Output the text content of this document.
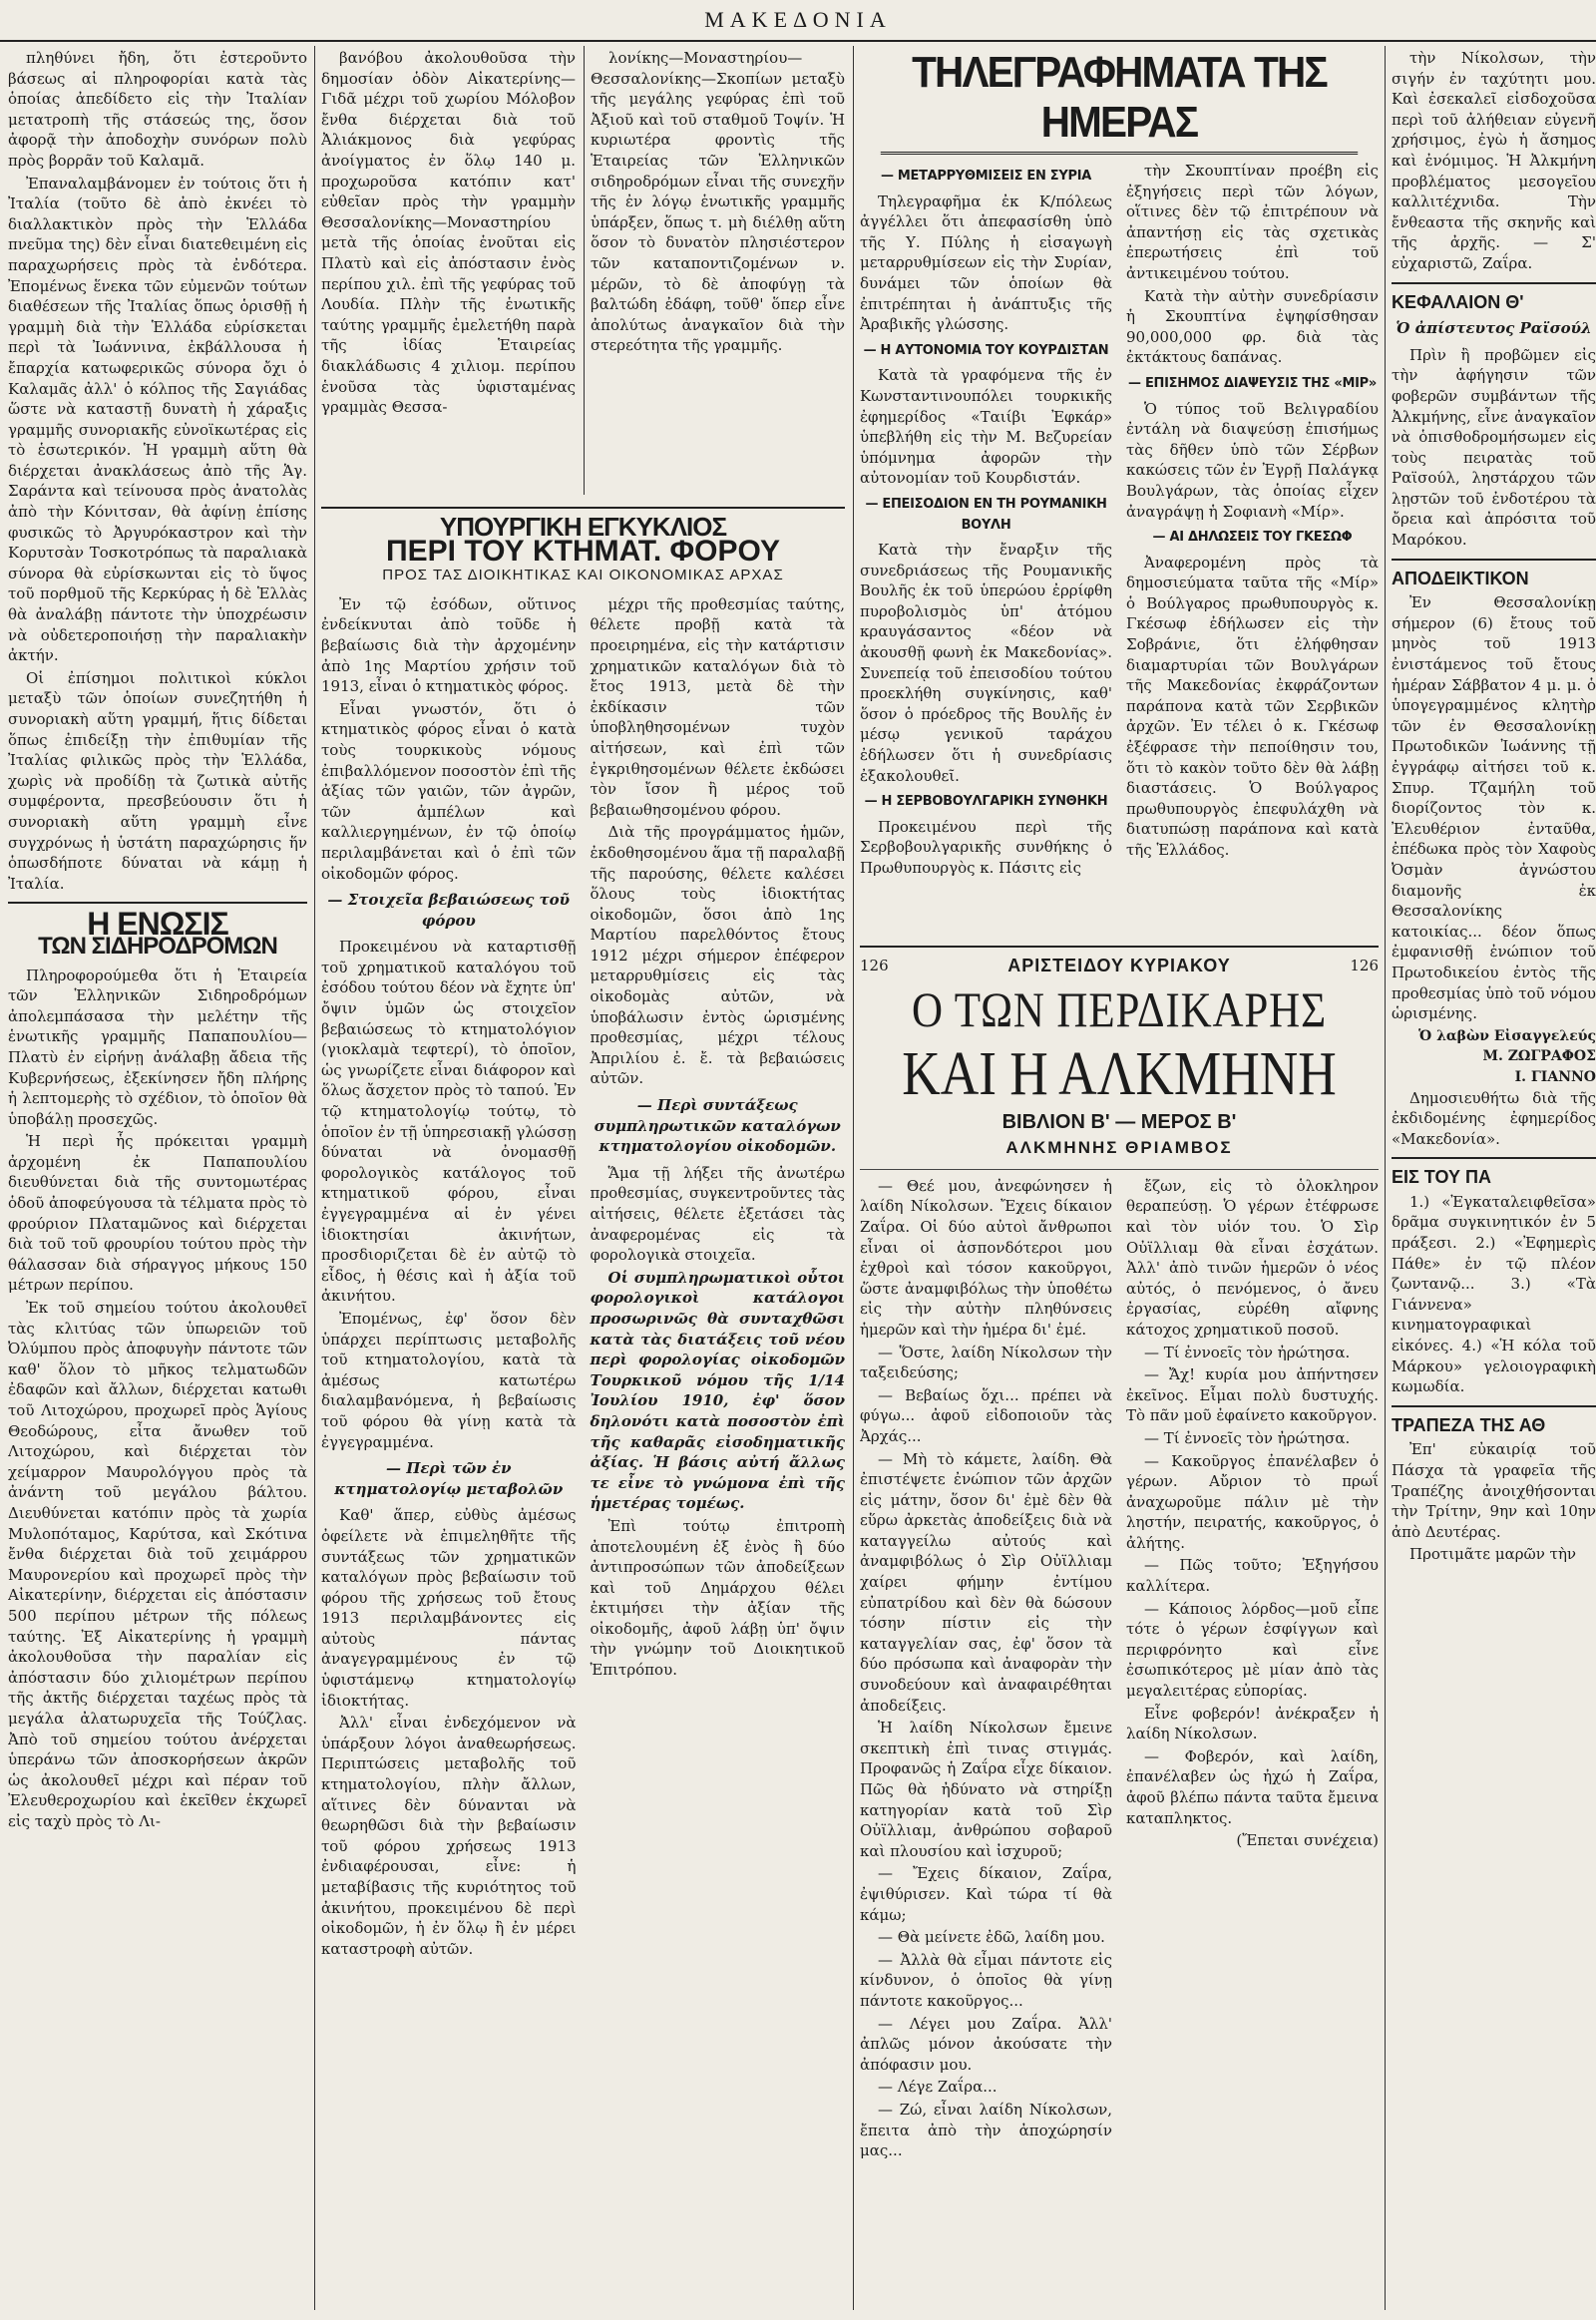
ΜΑΚΕΔΟΝΙΑ

πληθύνει ἤδη, ὅτι ἐστεροῦντο βάσεως αἱ πληροφορίαι κατὰ τὰς ὁποίας ἀπεδίδετο εἰς τὴν Ἰταλίαν μετατροπὴ τῆς στάσεώς της, ὅσον ἀφορᾷ τὴν ἀποδοχὴν συνόρων πολὺ πρὸς βορρᾶν τοῦ Καλαμᾶ.

Ἐπαναλαμβάνομεν ἐν τούτοις ὅτι ἡ Ἰταλία (τοῦτο δὲ ἀπὸ ἐκνέει τὸ διαλλακτικὸν πρὸς τὴν Ἑλλάδα πνεῦμα της) δὲν εἶναι διατεθειμένη εἰς παραχωρήσεις πρὸς τὰ ἐνδότερα. Ἐπομένως ἕνεκα τῶν εὐμενῶν τούτων διαθέσεων τῆς Ἰταλίας ὅπως ὁρισθῇ ἡ γραμμὴ διὰ τὴν Ἑλλάδα εὑρίσκεται περὶ τὰ Ἰωάννινα, ἐκβάλλουσα ἡ ἔπαρχία κατωφερικῶς σύνορα ὄχι ὁ Καλαμᾶς ἀλλ' ὁ κόλπος τῆς Σαγιάδας ὥστε νὰ καταστῇ δυνατὴ ἡ χάραξις γραμμῆς συνοριακῆς εὐνοϊκωτέρας εἰς τὸ ἑσωτερικόν. Ἡ γραμμὴ αὕτη θὰ διέρχεται ἀνακλάσεως ἀπὸ τῆς Ἁγ. Σαράντα καὶ τείνουσα πρὸς ἀνατολὰς ἀπὸ τὴν Κόνιτσαν, θὰ ἀφίνῃ ἐπίσης φυσικῶς τὸ Ἀργυρόκαστρον καὶ τὴν Κορυτσὰν Τοσκοτρόπως τὰ παραλιακὰ σύνορα θὰ εὑρίσκωνται εἰς τὸ ὕψος τοῦ πορθμοῦ τῆς Κερκύρας ἡ δὲ Ἑλλὰς θὰ ἀναλάβῃ πάντοτε τὴν ὑποχρέωσιν νὰ οὐδετεροποιήσῃ τὴν παραλιακὴν ἀκτήν.

Οἱ ἐπίσημοι πολιτικοὶ κύκλοι μεταξὺ τῶν ὁποίων συνεζητήθη ἡ συνοριακὴ αὕτη γραμμή, ἥτις δίδεται ὅπως ἐπιδείξῃ τὴν ἐπιθυμίαν τῆς Ἰταλίας φιλικῶς πρὸς τὴν Ἑλλάδα, χωρὶς νὰ προδίδῃ τὰ ζωτικὰ αὐτῆς συμφέροντα, πρεσβεύουσιν ὅτι ἡ συνοριακὴ αὕτη γραμμὴ εἶνε συγχρόνως ἡ ὑστάτη παραχώρησις ἥν ὁπωσδήποτε δύναται νὰ κάμῃ ἡ Ἰταλία.

Η ΕΝΩΣΙΣ
ΤΩΝ ΣΙΔΗΡΟΔΡΟΜΩΝ

Πληροφορούμεθα ὅτι ἡ Ἑταιρεία τῶν Ἑλληνικῶν Σιδηροδρόμων ἀπολεμπάσασα τὴν μελέτην τῆς ἑνωτικῆς γραμμῆς Παπαπουλίου—Πλατὺ ἐν εἰρήνῃ ἀνάλαβῃ ἄδεια τῆς Κυβερνήσεως, ἐξεκίνησεν ἤδη πλήρης ἡ λεπτομερὴς τὸ σχέδιον, τὸ ὁποῖον θὰ ὑποβάλῃ προσεχῶς.

Ἡ περὶ ἧς πρόκειται γραμμὴ ἀρχομένη ἐκ Παπαπουλίου διευθύνεται διὰ τῆς συντομωτέρας ὁδοῦ ἀποφεύγουσα τὰ τέλματα πρὸς τὸ φρούριον Πλαταμῶνος καὶ διέρχεται διὰ τοῦ τοῦ φρουρίου τούτου πρὸς τὴν θάλασσαν διὰ σήραγγος μήκους 150 μέτρων περίπου.

Ἐκ τοῦ σημείου τούτου ἀκολουθεῖ τὰς κλιτύας τῶν ὑπωρειῶν τοῦ Ὀλύμπου πρὸς ἀποφυγὴν πάντοτε τῶν καθ' ὅλον τὸ μῆκος τελματωδῶν ἐδαφῶν καὶ ἄλλων, διέρχεται κατωθι τοῦ Λιτοχώρου, προχωρεῖ πρὸς Ἁγίους Θεοδώρους, εἶτα ἄνωθεν τοῦ Λιτοχώρου, καὶ διέρχεται τὸν χείμαρρον Μαυρολόγγου πρὸς τὰ ἀνάντη τοῦ μεγάλου βάλτου. Διευθύνεται κατόπιν πρὸς τὰ χωρία Μυλοπόταμος, Καρύτσα, καὶ Σκότινα ἔνθα διέρχεται διὰ τοῦ χειμάρρου Μαυρονερίου καὶ προχωρεῖ πρὸς τὴν Αἰκατερίνην, διέρχεται εἰς ἀπόστασιν 500 περίπου μέτρων τῆς πόλεως ταύτης. Ἐξ Αἰκατερίνης ἡ γραμμὴ ἀκολουθοῦσα τὴν παραλίαν εἰς ἀπόστασιν δύο χιλιομέτρων περίπου τῆς ἀκτῆς διέρχεται ταχέως πρὸς τὰ μεγάλα ἀλατωρυχεῖα τῆς Τούζλας. Ἀπὸ τοῦ σημείου τούτου ἀνέρχεται ὑπεράνω τῶν ἀποσκορήσεων ἀκρῶν ὡς ἀκολουθεῖ μέχρι καὶ πέραν τοῦ Ἐλευθεροχωρίου καὶ ἐκεῖθεν ἐκχωρεῖ εἰς ταχὺ πρὸς τὸ Λι-

βανόβου ἀκολουθοῦσα τὴν δημοσίαν ὁδὸν Αἰκατερίνης—Γιδᾶ μέχρι τοῦ χωρίου Μόλοβον ἔνθα διέρχεται διὰ τοῦ Ἀλιάκμονος διὰ γεφύρας ἀνοίγματος ἐν ὅλῳ 140 μ. προχωροῦσα κατόπιν κατ' εὐθεῖαν πρὸς τὴν γραμμὴν Θεσσαλονίκης—Μοναστηρίου μετὰ τῆς ὁποίας ἑνοῦται εἰς Πλατὺ καὶ εἰς ἀπόστασιν ἐνὸς περίπου χιλ. ἐπὶ τῆς γεφύρας τοῦ Λουδία. Πλὴν τῆς ἑνωτικῆς ταύτης γραμμῆς ἐμελετήθη παρὰ τῆς ἰδίας Ἑταιρείας διακλάδωσις 4 χιλιομ. περίπου ἑνοῦσα τὰς ὑφισταμένας γραμμὰς Θεσσα-

λονίκης—Μοναστηρίου—Θεσσαλονίκης—Σκοπίων μεταξὺ τῆς μεγάλης γεφύρας ἐπὶ τοῦ Ἀξιοῦ καὶ τοῦ σταθμοῦ Τοψίν. Ἡ κυριωτέρα φροντὶς τῆς Ἑταιρείας τῶν Ἑλληνικῶν σιδηροδρόμων εἶναι τῆς συνεχῆν τῆς ἐν λόγῳ ἑνωτικῆς γραμμῆς ὑπάρξεν, ὅπως τ. μὴ διέλθῃ αὕτη ὅσον τὸ δυνατὸν πλησιέστερον τῶν καταποντιζομένων ν. μέρῶν, τὸ δὲ ἀποφύγῃ τὰ βαλτώδη ἐδάφη, τοῦθ' ὅπερ εἶνε ἀπολύτως ἀναγκαῖον διὰ τὴν στερεότητα τῆς γραμμῆς.

ΥΠΟΥΡΓΙΚΗ ΕΓΚΥΚΛΙΟΣ
ΠΕΡΙ ΤΟΥ ΚΤΗΜΑΤ. ΦΟΡΟΥ
ΠΡΟΣ ΤΑΣ ΔΙΟΙΚΗΤΙΚΑΣ ΚΑΙ ΟΙΚΟΝΟΜΙΚΑΣ ΑΡΧΑΣ

Ἐν τῷ ἐσόδων, οὕτινος ἐνδείκνυται ἀπὸ τοῦδε ἡ βεβαίωσις διὰ τὴν ἀρχομένην ἀπὸ 1ης Μαρτίου χρήσιν τοῦ 1913, εἶναι ὁ κτηματικὸς φόρος.

Εἶναι γνωστόν, ὅτι ὁ κτηματικὸς φόρος εἶναι ὁ κατὰ τοὺς τουρκικοὺς νόμους ἐπιβαλλόμενον ποσοστὸν ἐπὶ τῆς ἀξίας τῶν γαιῶν, τῶν ἀγρῶν, τῶν ἀμπέλων καὶ καλλιεργημένων, ἐν τῷ ὁποίῳ περιλαμβάνεται καὶ ὁ ἐπὶ τῶν οἰκοδομῶν φόρος.

— Στοιχεῖα βεβαιώσεως τοῦ φόρου

Προκειμένου νὰ καταρτισθῇ τοῦ χρηματικοῦ καταλόγου τοῦ ἐσόδου τούτου δέον νὰ ἔχητε ὑπ' ὄψιν ὑμῶν ὡς στοιχεῖον βεβαιώσεως τὸ κτηματολόγιον (γιοκλαμὰ τεφτερί), τὸ ὁποῖον, ὡς γνωρίζετε εἶναι διάφορον καὶ ὅλως ἄσχετον πρὸς τὸ ταπού. Ἐν τῷ κτηματολογίῳ τούτῳ, τὸ ὁποῖον ἐν τῇ ὑπηρεσιακῇ γλώσσῃ δύναται νὰ ὀνομασθῇ φορολογικὸς κατάλογος τοῦ κτηματικοῦ φόρου, εἶναι ἐγγεγραμμένα αἱ ἐν γένει ἰδιοκτησίαι ἀκινήτων, προσδιοριζεται δὲ ἐν αὐτῷ τὸ εἶδος, ἡ θέσις καὶ ἡ ἀξία τοῦ ἀκινήτου.

Ἐπομένως, ἐφ' ὅσον δὲν ὑπάρχει περίπτωσις μεταβολῆς τοῦ κτηματολογίου, κατὰ τὰ ἀμέσως κατωτέρω διαλαμβανόμενα, ἡ βεβαίωσις τοῦ φόρου θὰ γίνῃ κατὰ τὰ ἐγγεγραμμένα.

— Περὶ τῶν ἐν κτηματολογίῳ μεταβολῶν

Καθ' ἅπερ, εὐθὺς ἀμέσως ὀφείλετε νὰ ἐπιμεληθῆτε τῆς συντάξεως τῶν χρηματικῶν καταλόγων πρὸς βεβαίωσιν τοῦ φόρου τῆς χρήσεως τοῦ ἔτους 1913 περιλαμβάνοντες εἰς αὐτοὺς πάντας ἀναγεγραμμένους ἐν τῷ ὑφιστάμενῳ κτηματολογίῳ ἰδιοκτήτας.

Ἀλλ' εἶναι ἐνδεχόμενον νὰ ὑπάρξουν λόγοι ἀναθεωρήσεως. Περιπτώσεις μεταβολῆς τοῦ κτηματολογίου, πλὴν ἄλλων, αἵτινες δὲν δύνανται νὰ θεωρηθῶσι διὰ τὴν βεβαίωσιν τοῦ φόρου χρήσεως 1913 ἐνδιαφέρουσαι, εἶνε: ἡ μεταβίβασις τῆς κυριότητος τοῦ ἀκινήτου, προκειμένου δὲ περὶ οἰκοδομῶν, ἡ ἐν ὅλῳ ἢ ἐν μέρει καταστροφὴ αὐτῶν.

μέχρι τῆς προθεσμίας ταύτης, θέλετε προβῇ κατὰ τὰ προειρημένα, εἰς τὴν κατάρτισιν χρηματικῶν καταλόγων διὰ τὸ ἔτος 1913, μετὰ δὲ τὴν ἐκδίκασιν τῶν ὑποβληθησομένων τυχὸν αἰτήσεων, καὶ ἐπὶ τῶν ἐγκριθησομένων θέλετε ἐκδώσει τὸν ἴσον ἢ μέρος τοῦ βεβαιωθησομένου φόρου.

Διὰ τῆς προγράμματος ἡμῶν, ἐκδοθησομένου ἅμα τῇ παραλαβῇ τῆς παρούσης, θέλετε καλέσει ὅλους τοὺς ἰδιοκτήτας οἰκοδομῶν, ὅσοι ἀπὸ 1ης Μαρτίου παρελθόντος ἔτους 1912 μέχρι σήμερον ἐπέφερον μεταρρυθμίσεις εἰς τὰς οἰκοδομὰς αὐτῶν, νὰ ὑποβάλωσιν ἐντὸς ὡρισμένης προθεσμίας, μέχρι τέλους Ἀπριλίου ἐ. ἔ. τὰ βεβαιώσεις αὐτῶν.

— Περὶ συντάξεως συμπληρωτικῶν καταλόγων κτηματολογίου οἰκοδομῶν.

Ἅμα τῇ λήξει τῆς ἀνωτέρω προθεσμίας, συγκεντροῦντες τὰς αἰτήσεις, θέλετε ἐξετάσει τὰς ἀναφερομένας εἰς τὰ φορολογικὰ στοιχεῖα.

Οἱ συμπληρωματικοὶ οὗτοι φορολογικοὶ κατάλογοι προσωρινῶς θὰ συνταχθῶσι κατὰ τὰς διατάξεις τοῦ νέου περὶ φορολογίας οἰκοδομῶν Τουρκικοῦ νόμου τῆς 1/14 Ἰουλίου 1910, ἐφ' ὅσον δηλονότι κατὰ ποσοστὸν ἐπὶ τῆς καθαρᾶς εἰσοδηματικῆς ἀξίας. Ἡ βάσις αὐτή ἄλλως τε εἶνε τὸ γνώμονα ἐπὶ τῆς ἡμετέρας τομέως.

Ἐπὶ τούτῳ ἐπιτροπὴ ἀποτελουμένη ἐξ ἑνὸς ἢ δύο ἀντιπροσώπων τῶν ἀποδείξεων καὶ τοῦ Δημάρχου θέλει ἐκτιμήσει τὴν ἀξίαν τῆς οἰκοδομῆς, ἀφοῦ λάβῃ ὑπ' ὄψιν τὴν γνώμην τοῦ Διοικητικοῦ Ἐπιτρόπου.

ΤΗΛΕΓΡΑΦΗΜΑΤΑ ΤΗΣ ΗΜΕΡΑΣ
— ΜΕΤΑΡΡΥΘΜΙΣΕΙΣ ΕΝ ΣΥΡΙΑ

Τηλεγραφῆμα ἐκ Κ/πόλεως ἀγγέλλει ὅτι ἀπεφασίσθη ὑπὸ τῆς Υ. Πύλης ἡ εἰσαγωγὴ μεταρρυθμίσεων εἰς τὴν Συρίαν, δυνάμει τῶν ὁποίων θὰ ἐπιτρέπηται ἡ ἀνάπτυξις τῆς Ἀραβικῆς γλώσσης.

— Η ΑΥΤΟΝΟΜΙΑ ΤΟΥ ΚΟΥΡΔΙΣΤΑΝ

Κατὰ τὰ γραφόμενα τῆς ἐν Κωνσταντινουπόλει τουρκικῆς ἐφημερίδος «Ταιίβι Ἐφκάρ» ὑπεβλήθη εἰς τὴν Μ. Βεζυρείαν ὑπόμνημα ἀφορῶν τὴν αὐτονομίαν τοῦ Κουρδιστάν.

— ΕΠΕΙΣΟΔΙΟΝ ΕΝ ΤΗ ΡΟΥΜΑΝΙΚΗ ΒΟΥΛΗ

Κατὰ τὴν ἔναρξιν τῆς συνεδριάσεως τῆς Ρουμανικῆς Βουλῆς ἐκ τοῦ ὑπερώου ἐρρίφθη πυροβολισμὸς ὑπ' ἀτόμου κραυγάσαντος «δέον νὰ ἀκουσθῇ φωνὴ ἐκ Μακεδονίας». Συνεπείᾳ τοῦ ἐπεισοδίου τούτου προεκλήθη συγκίνησις, καθ' ὅσον ὁ πρόεδρος τῆς Βουλῆς ἐν μέσῳ γενικοῦ ταράχου ἐδήλωσεν ὅτι ἡ συνεδρίασις ἐξακολουθεῖ.

— Η ΣΕΡΒΟΒΟΥΛΓΑΡΙΚΗ ΣΥΝΘΗΚΗ

Προκειμένου περὶ τῆς Σερβοβουλγαρικῆς συνθήκης ὁ Πρωθυπουργὸς κ. Πάσιτς εἰς

τὴν Σκουπτίναν προέβη εἰς ἐξηγήσεις περὶ τῶν λόγων, οἵτινες δὲν τῷ ἐπιτρέπουν νὰ ἀπαντήσῃ εἰς τὰς σχετικὰς ἐπερωτήσεις ἐπὶ τοῦ ἀντικειμένου τούτου.

Κατὰ τὴν αὐτὴν συνεδρίασιν ἡ Σκουπτίνα ἐψηφίσθησαν 90,000,000 φρ. διὰ τὰς ἐκτάκτους δαπάνας.

— ΕΠΙΣΗΜΟΣ ΔΙΑΨΕΥΣΙΣ ΤΗΣ «ΜΙΡ»

Ὁ τύπος τοῦ Βελιγραδίου ἐντάλη νὰ διαψεύσῃ ἐπισήμως τὰς δῆθεν ὑπὸ τῶν Σέρβων κακώσεις τῶν ἐν Ἐγρῇ Παλάγκᾳ Βουλγάρων, τὰς ὁποίας εἶχεν ἀναγράψῃ ἡ Σοφιανὴ «Μίρ».

— ΑΙ ΔΗΛΩΣΕΙΣ ΤΟΥ ΓΚΕΣΩΦ

Ἀναφερομένη πρὸς τὰ δημοσιεύματα ταῦτα τῆς «Μίρ» ὁ Βούλγαρος πρωθυπουργὸς κ. Γκέσωφ ἐδήλωσεν εἰς τὴν Σοβράνιε, ὅτι ἐλήφθησαν διαμαρτυρίαι τῶν Βουλγάρων τῆς Μακεδονίας ἐκφράζοντων παράπονα κατὰ τῶν Σερβικῶν ἀρχῶν. Ἐν τέλει ὁ κ. Γκέσωφ ἐξέφρασε τὴν πεποίθησιν του, ὅτι τὸ κακὸν τοῦτο δὲν θὰ λάβῃ διαστάσεις. Ὁ Βούλγαρος πρωθυπουργὸς ἐπεφυλάχθη νὰ διατυπώσῃ παράπονα καὶ κατὰ τῆς Ἑλλάδος.

126	ΑΡΙΣΤΕΙΔΟΥ ΚΥΡΙΑΚΟΥ	126
Ο ΤΩΝ ΠΕΡΔΙΚΑΡΗΣ
ΚΑΙ Η ΑΛΚΜΗΝΗ
ΒΙΒΛΙΟΝ Β' — ΜΕΡΟΣ Β'
ΑΛΚΜΗΝΗΣ ΘΡΙΑΜΒΟΣ

— Θεέ μου, ἀνεφώνησεν ἡ λαίδη Νίκολσων. Ἔχεις δίκαιον Ζαΐρα. Οἱ δύο αὐτοὶ ἄνθρωποι εἶναι οἱ ἀσπονδότεροι μου ἐχθροὶ καὶ τόσον κακοῦργοι, ὥστε ἀναμφιβόλως τὴν ὑποθέτω εἰς τὴν αὐτὴν πληθύνσεις ἡμερῶν καὶ τὴν ἡμέρα δι' ἐμέ.

— Ὅστε, λαίδη Νίκολσων τὴν ταξειδεύσης;

— Βεβαίως ὅχι... πρέπει νὰ φύγω... ἀφοῦ εἰδοποιοῦν τὰς Ἀρχάς...

— Μὴ τὸ κάμετε, λαίδη. Θὰ ἐπιστέψετε ἐνώπιον τῶν ἀρχῶν εἰς μάτην, ὅσον δι' ἐμὲ δὲν θὰ εὕρω ἀρκετὰς ἀποδείξεις διὰ νὰ καταγγείλω αὐτούς καὶ ἀναμφιβόλως ὁ Σὶρ Οὐϊλλιαμ χαίρει φήμην ἐντίμου εὐπατρίδου καὶ δὲν θὰ δώσουν τόσην πίστιν εἰς τὴν καταγγελίαν σας, ἐφ' ὅσον τὰ δύο πρόσωπα καὶ ἀναφορὰν τὴν συνοδεύουν καὶ ἀναφαιρέθηται ἀποδείξεις.

Ἡ λαίδη Νίκολσων ἔμεινε σκεπτικὴ ἐπὶ τινας στιγμάς. Προφανῶς ἡ Ζαΐρα εἶχε δίκαιον. Πῶς θὰ ἠδύνατο νὰ στηρίξῃ κατηγορίαν κατὰ τοῦ Σὶρ Οὐϊλλιαμ, ἀνθρώπου σοβαροῦ καὶ πλουσίου καὶ ἰσχυροῦ;

— Ἔχεις δίκαιον, Ζαΐρα, ἐψιθύρισεν. Καὶ τώρα τί θὰ κάμω;

— Θὰ μείνετε ἐδῶ, λαίδη μου.

— Ἀλλὰ θὰ εἶμαι πάντοτε εἰς κίνδυνον, ὁ ὁποῖος θὰ γίνῃ πάντοτε κακοῦργος...

— Λέγει μου Ζαΐρα. Ἀλλ' ἀπλῶς μόνον ἀκούσατε τὴν ἀπόφασιν μου.

— Λέγε Ζαΐρα...

— Ζώ, εἶναι λαίδη Νίκολσων, ἔπειτα ἀπὸ τὴν ἀποχώρησίν μας...

ἔζων, εἰς τὸ ὁλοκληρον θεραπεύσῃ. Ὁ γέρων ἐτέφρωσε καὶ τὸν υἱόν του. Ὁ Σὶρ Οὐϊλλιαμ θὰ εἶναι ἐσχάτων. Ἀλλ' ἀπὸ τινῶν ἡμερῶν ὁ νέος αὐτός, ὁ πενόμενος, ὁ ἄνευ ἐργασίας, εὑρέθη αἴφνης κάτοχος χρηματικοῦ ποσοῦ.

— Τί ἐννοεῖς τὸν ἠρώτησα.

— Ἄχ! κυρία μου ἀπήντησεν ἐκεῖνος. Εἶμαι πολὺ δυστυχής. Τὸ πᾶν μοῦ ἐφαίνετο κακοῦργον.

— Τί ἐννοεῖς τὸν ἠρώτησα.

— Κακοῦργος ἐπανέλαβεν ὁ γέρων. Αὔριον τὸ πρωΐ ἀναχωροῦμε πάλιν μὲ τὴν ληστήν, πειρατής, κακοῦργος, ὁ ἀλήτης.

— Πῶς τοῦτο; Ἐξηγήσου καλλίτερα.

— Κάποιος λόρδος—μοῦ εἶπε τότε ὁ γέρων ἐσφίγγων καὶ περιφρόνητο καὶ εἶνε ἐσωπικότερος μὲ μίαν ἀπὸ τὰς μεγαλειτέρας εὐπορίας.

Εἶνε φοβερόν! ἀνέκραξεν ἡ λαίδη Νίκολσων.

— Φοβερόν, καὶ λαίδη, ἐπανέλαβεν ὡς ἠχώ ἡ Ζαΐρα, ἀφοῦ βλέπω πάντα ταῦτα ἔμεινα καταπληκτος.

(Ἔπεται συνέχεια)

τὴν Νίκολσων, τὴν σιγήν ἐν ταχύτητι μου. Καὶ ἐσεκαλεῖ εἰσδοχοῦσα περὶ τοῦ ἀλήθειαν εὐγενῆ χρήσιμος, ἐγὼ ἡ ἄσημος καὶ ἐνόμιμος. Ἡ Ἀλκμήνη προβλέματος μεσογεῖου καλλιτέχνιδα. Τὴν ἔνθεαστα τῆς σκηνῆς καὶ τῆς ἀρχῆς. — Σ' εὐχαριστῶ, Ζαΐρα.

ΚΕΦΑΛΑΙΟΝ Θ'
Ὁ ἀπίστευτος Ραϊσούλ

Πρὶν ἢ προβῶμεν εἰς τὴν ἀφήγησιν τῶν φοβερῶν συμβάντων τῆς Ἀλκμήνης, εἶνε ἀναγκαῖον νὰ ὁπισθοδρομήσωμεν εἰς τοὺς πειρατὰς τοῦ Ραϊσούλ, ληστάρχου τῶν λῃστῶν τοῦ ἐνδοτέρου τὰ ὄρεια καὶ ἀπρόσιτα τοῦ Μαρόκου.

ΑΠΟΔΕΙΚΤΙΚΟΝ

Ἐν Θεσσαλονίκῃ σήμερον (6) ἔτους τοῦ μηνὸς τοῦ 1913 ἐνιστάμενος τοῦ ἔτους ἡμέραν Σάββατον 4 μ. μ. ὁ ὑπογεγραμμένος κλητὴρ τῶν ἐν Θεσσαλονίκῃ Πρωτοδικῶν Ἰωάννης τῇ ἐγγράφῳ αἰτήσει τοῦ κ. Σπυρ. Τζαμήλη τοῦ διορίζοντος τὸν κ. Ἐλευθέριον ἐνταῦθα, ἐπέδωκα πρὸς τὸν Χαφοὺς Ὀσμὰν ἀγνώστου διαμονῆς ἐκ Θεσσαλονίκης κατοικίας... δέον ὅπως ἐμφανισθῇ ἐνώπιον τοῦ Πρωτοδικείου ἐντὸς τῆς προθεσμίας ὑπὸ τοῦ νόμου ὡρισμένης.

Ὁ λαβὼν Εἰσαγγελεύς
Μ. ΖΩΓΡΑΦΟΣ
Ι. ΓΙΑΝΝΟ

Δημοσιευθήτω διὰ τῆς ἐκδιδομένης ἐφημερίδος «Μακεδονία».

ΕΙΣ ΤΟΥ ΠΑ

1.) «Ἐγκαταλειφθεῖσα» δρᾶμα συγκινητικόν ἐν 5 πράξεσι. 2.) «Ἐφημερὶς Πάθε» ἐν τῷ πλέον ζωντανῷ... 3.) «Τὰ Γιάννενα» κινηματογραφικαὶ εἰκόνες. 4.) «Ἡ κόλα τοῦ Μάρκου» γελοιογραφικὴ κωμωδία.

ΤΡΑΠΕΖΑ ΤΗΣ ΑΘ

Ἐπ' εὐκαιρίᾳ τοῦ Πάσχα τὰ γραφεῖα τῆς Τραπέζης ἀνοιχθήσονται τὴν Τρίτην, 9ην καὶ 10ην ἀπὸ Δευτέρας.

Προτιμᾶτε μαρῶν τὴν
